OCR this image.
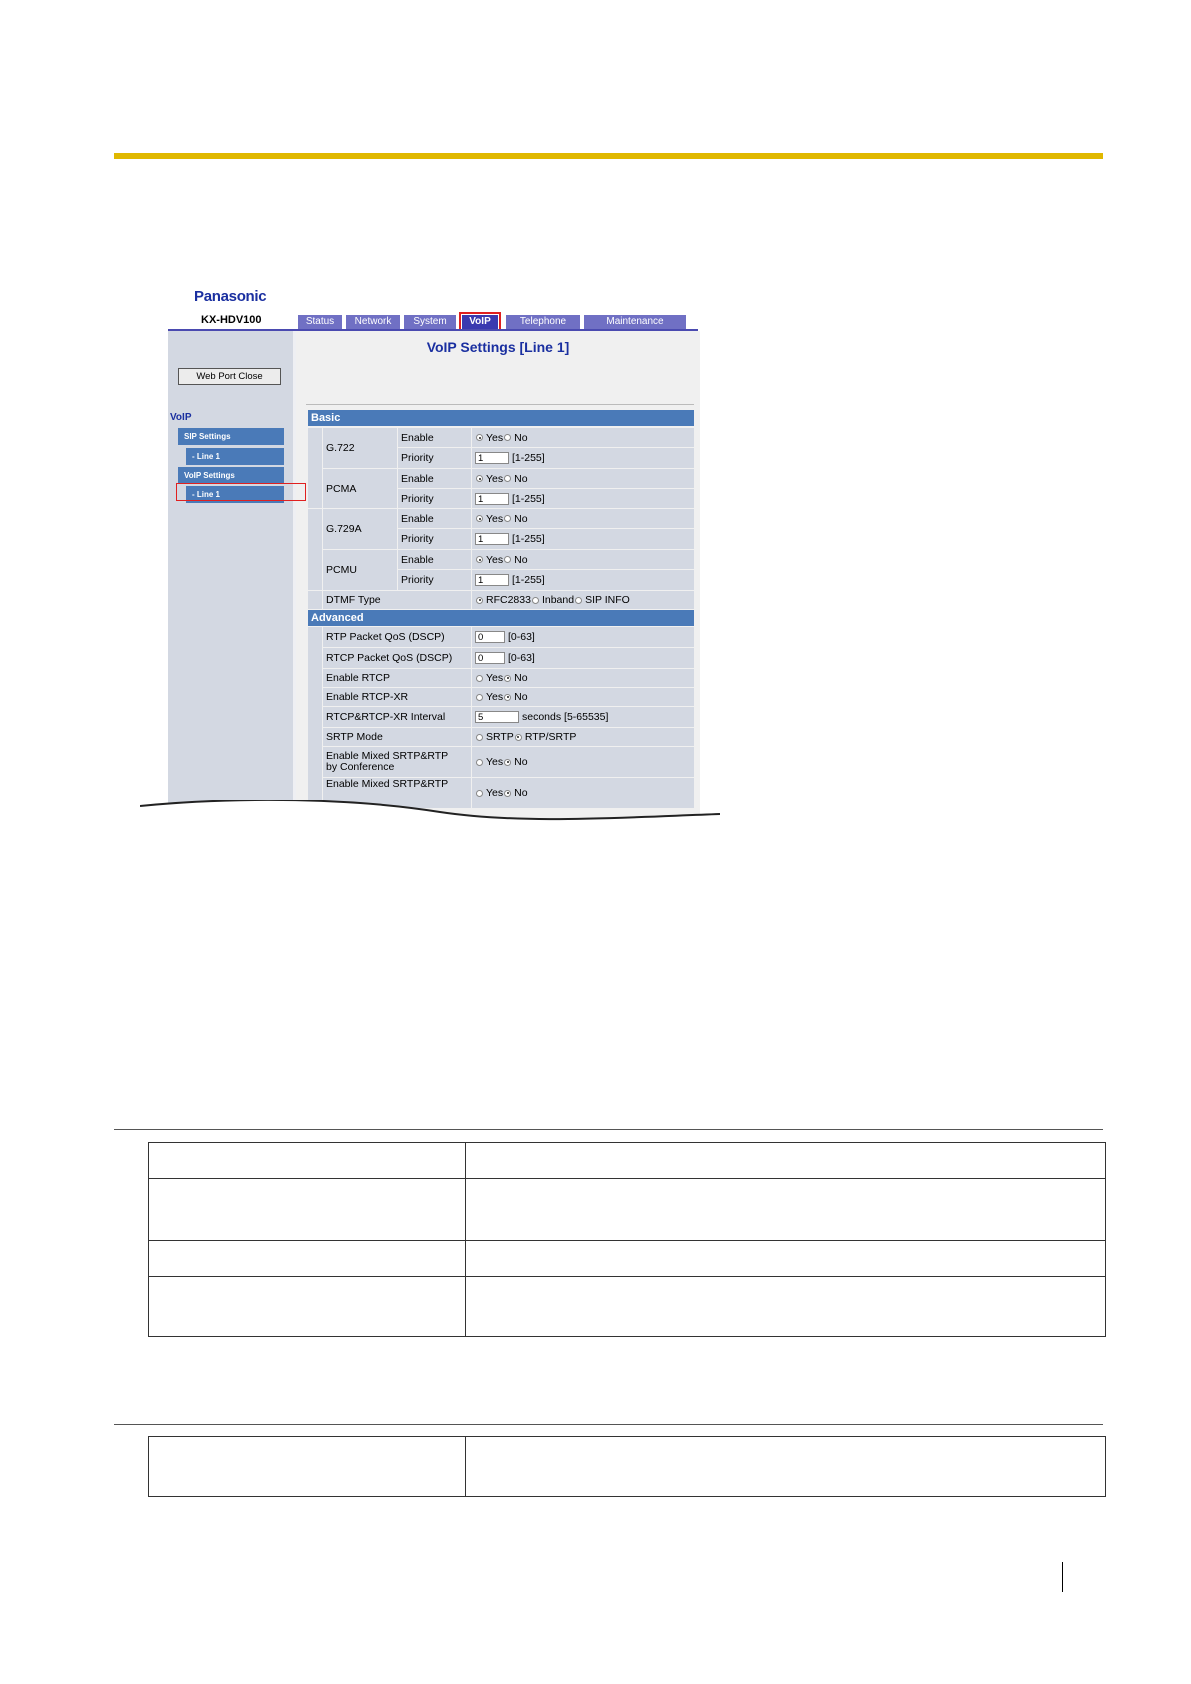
Panasonic
KX-HDV100	Status	Network	System	VoIP	Telephone	Maintenance
Web Port Close
VoIP
SIP Settings
- Line 1
VoIP Settings
- Line 1
VoIP Settings [Line 1]
Basic
G.722
Enable	Yes No
Priority	1	[1-255]
PCMA
Enable	Yes No
Priority	1	[1-255]
G.729A
Enable	Yes No
Priority	1	[1-255]
PCMU
Enable	Yes No
Priority	1	[1-255]
DTMF Type	RFC2833 Inband SIP INFO
Advanced
RTP Packet QoS (DSCP)	0	[0-63]
RTCP Packet QoS (DSCP)	0	[0-63]
Enable RTCP	Yes No
Enable RTCP-XR	Yes No
RTCP&RTCP-XR Interval	5	seconds [5-65535]
SRTP Mode	SRTP RTP/SRTP
Enable Mixed SRTP&RTP
by Conference	Yes No
Enable Mixed SRTP&RTP
Yes No
